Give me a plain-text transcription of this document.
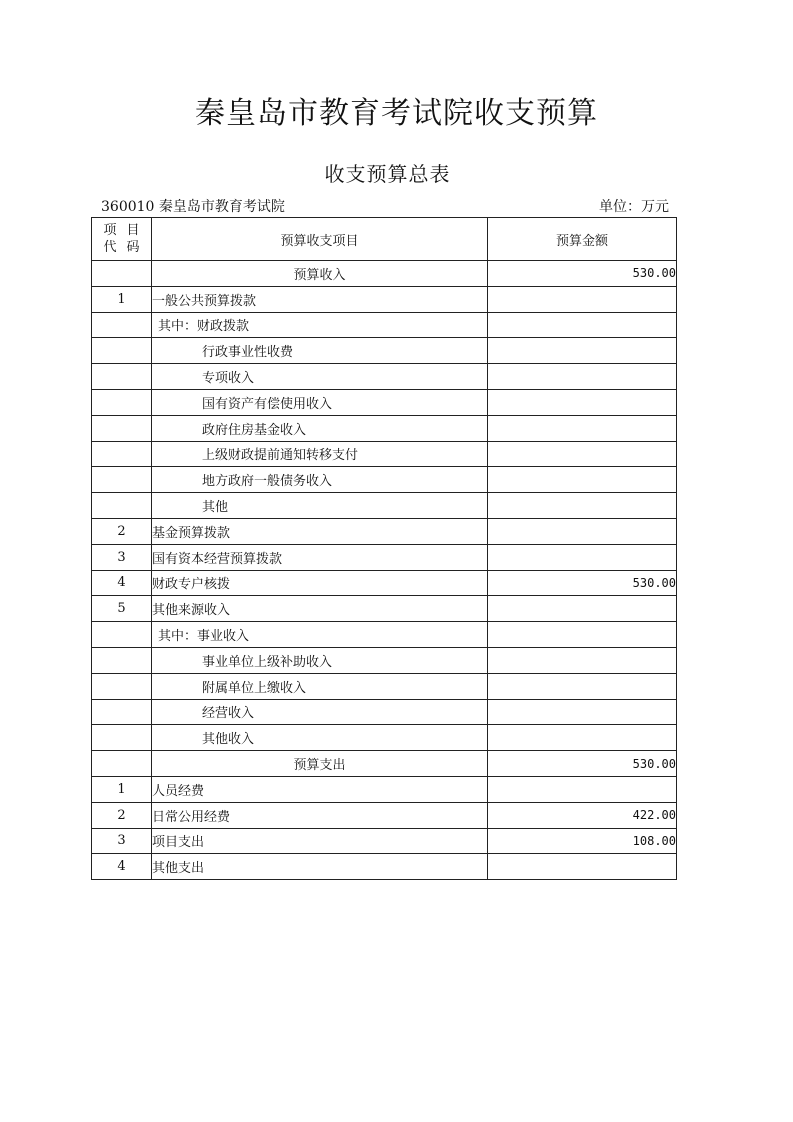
秦皇岛市教育考试院收支预算
收支预算总表
360010 秦皇岛市教育考试院	单位：万元
项目
代码	预算收支项目	预算金额
	预算收入	530.00
1	一般公共预算拨款	
	其中：财政拨款	
	行政事业性收费	
	专项收入	
	国有资产有偿使用收入	
	政府住房基金收入	
	上级财政提前通知转移支付	
	地方政府一般债务收入	
	其他	
2	基金预算拨款	
3	国有资本经营预算拨款	
4	财政专户核拨	530.00
5	其他来源收入	
	其中：事业收入	
	事业单位上级补助收入	
	附属单位上缴收入	
	经营收入	
	其他收入	
	预算支出	530.00
1	人员经费	
2	日常公用经费	422.00
3	项目支出	108.00
4	其他支出	
